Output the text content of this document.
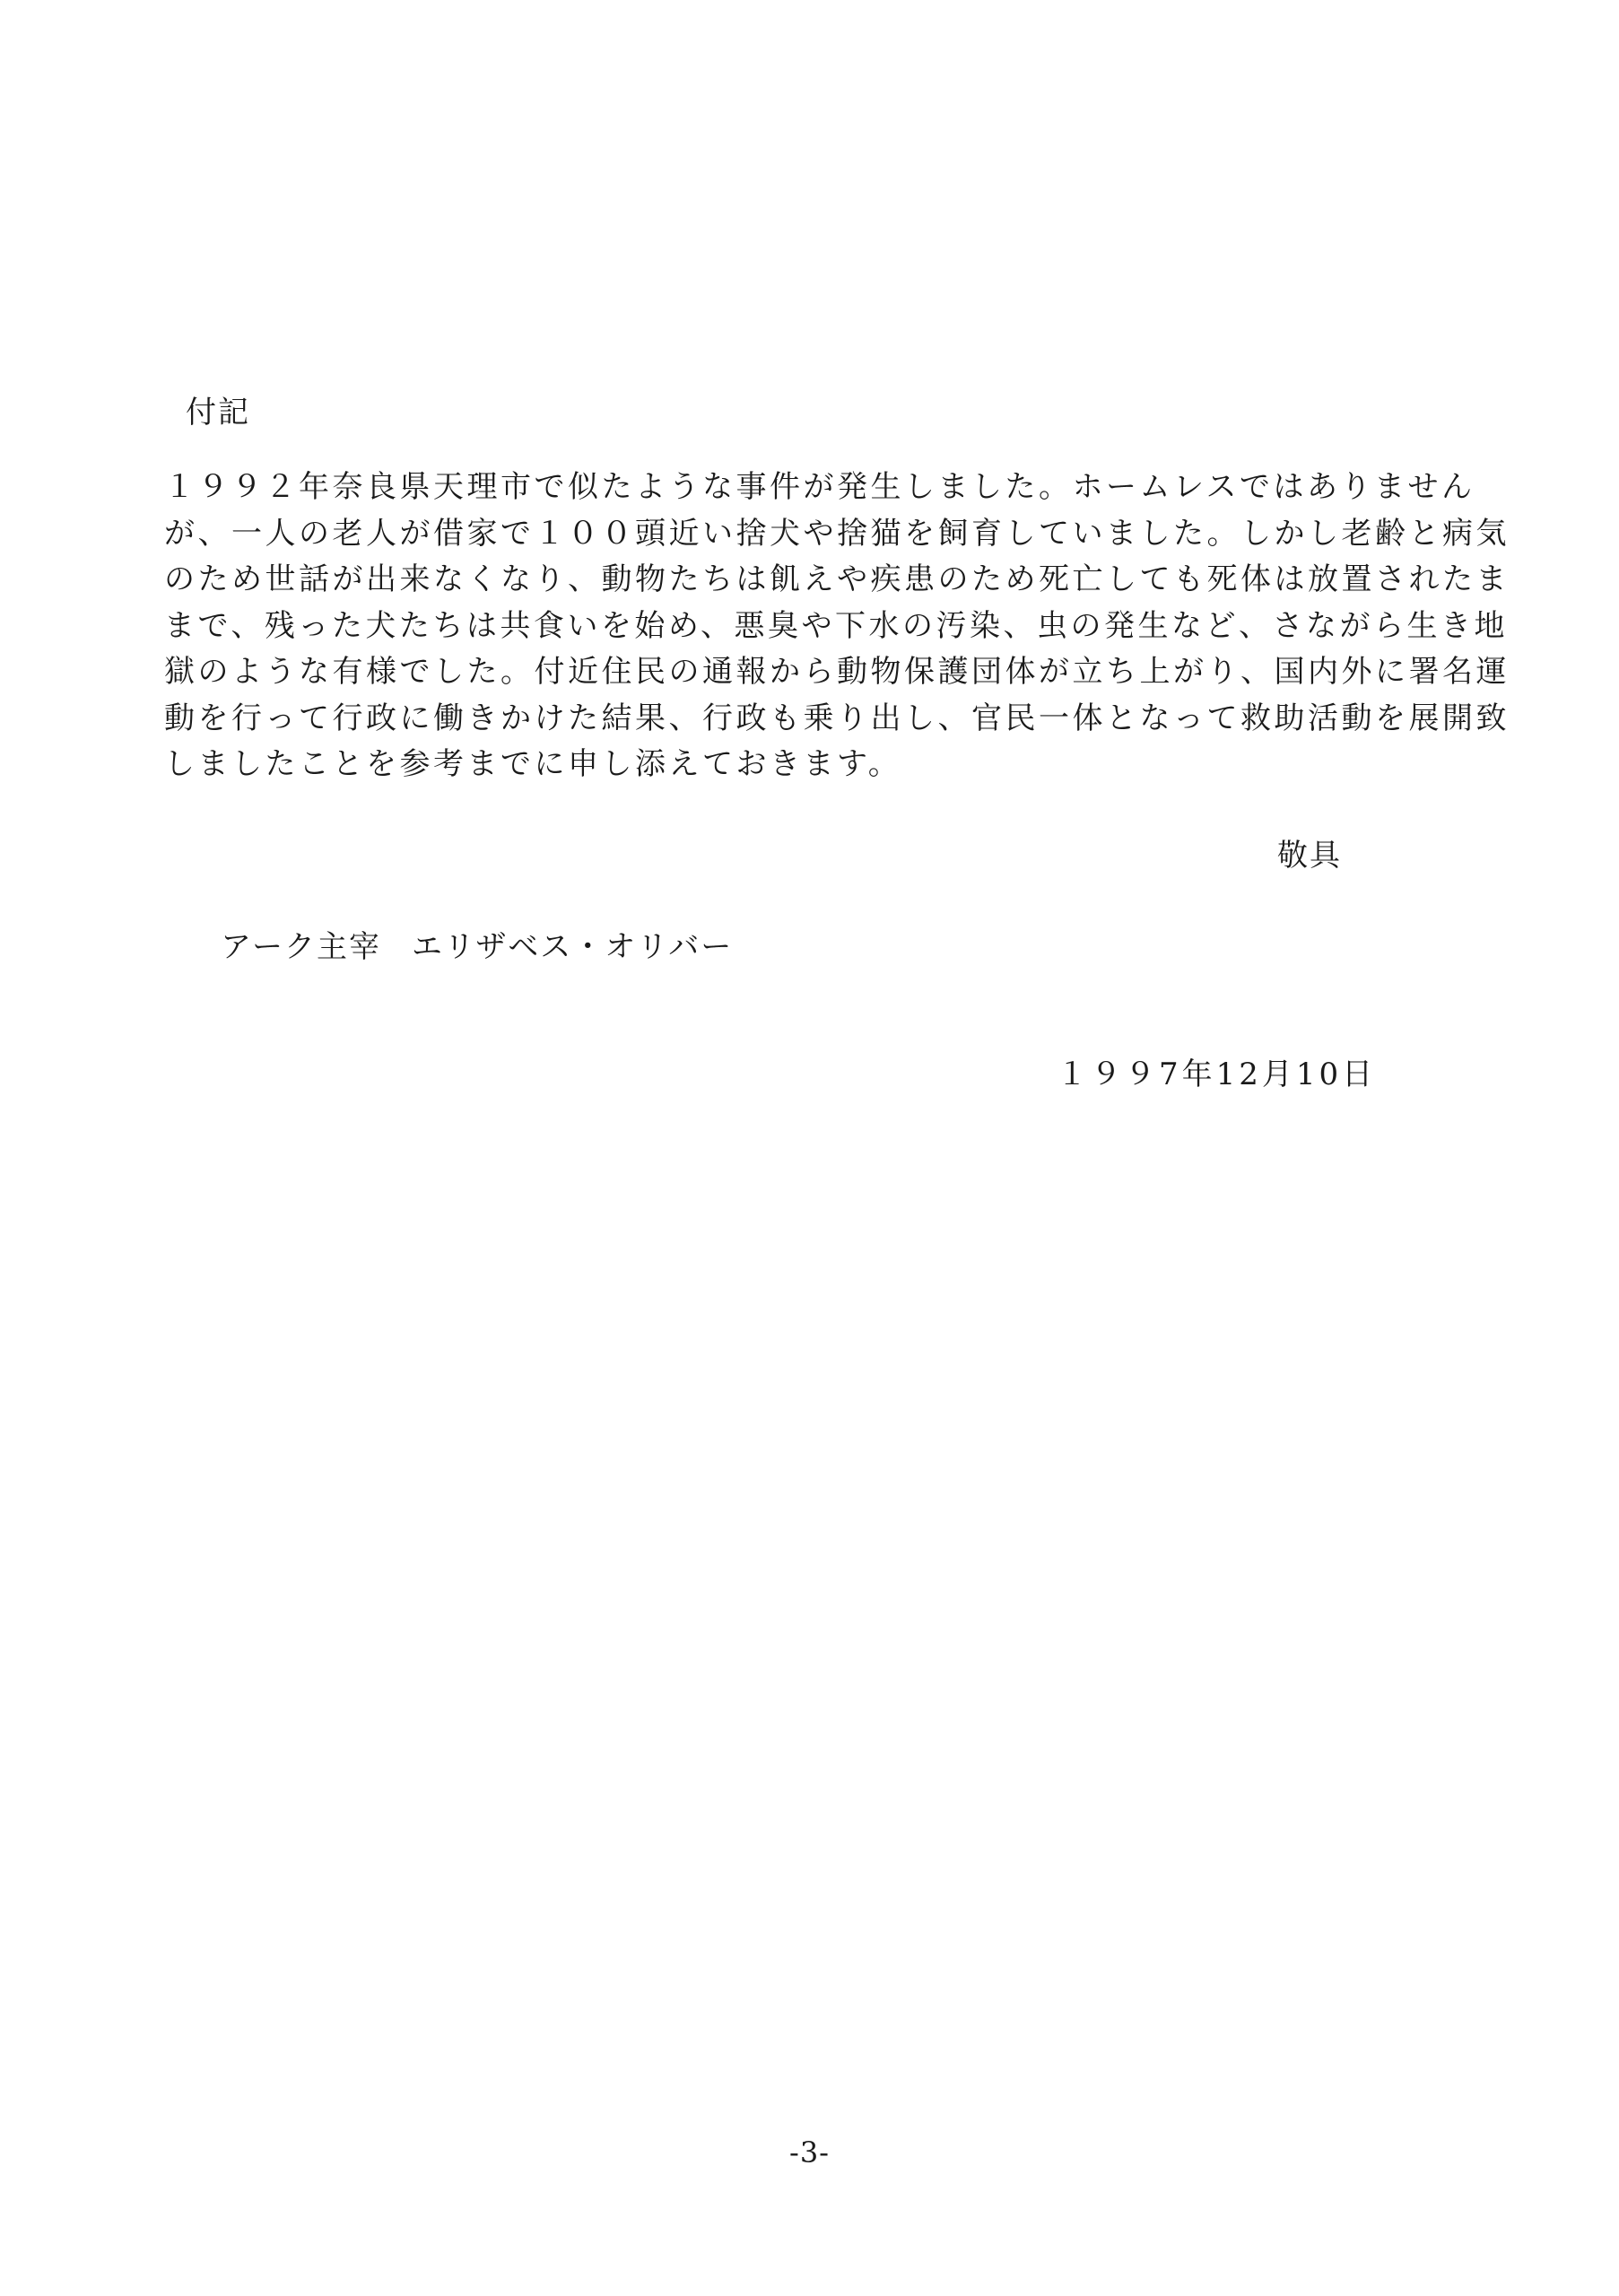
付記
１９９２年奈良県天理市で似たような事件が発生しました。ホームレスではありません
が、一人の老人が借家で１００頭近い捨犬や捨猫を飼育していました。しかし老齢と病気
のため世話が出来なくなり、動物たちは飢えや疾患のため死亡しても死体は放置されたま
まで、残った犬たちは共食いを始め、悪臭や下水の汚染、虫の発生など、さながら生き地
獄のような有様でした。付近住民の通報から動物保護団体が立ち上がり、国内外に署名運
動を行って行政に働きかけた結果、行政も乗り出し、官民一体となって救助活動を展開致
しましたことを参考までに申し添えておきます。
敬具
アーク主宰 エリザベス・オリバー
１９９7年12月10日
-3-
